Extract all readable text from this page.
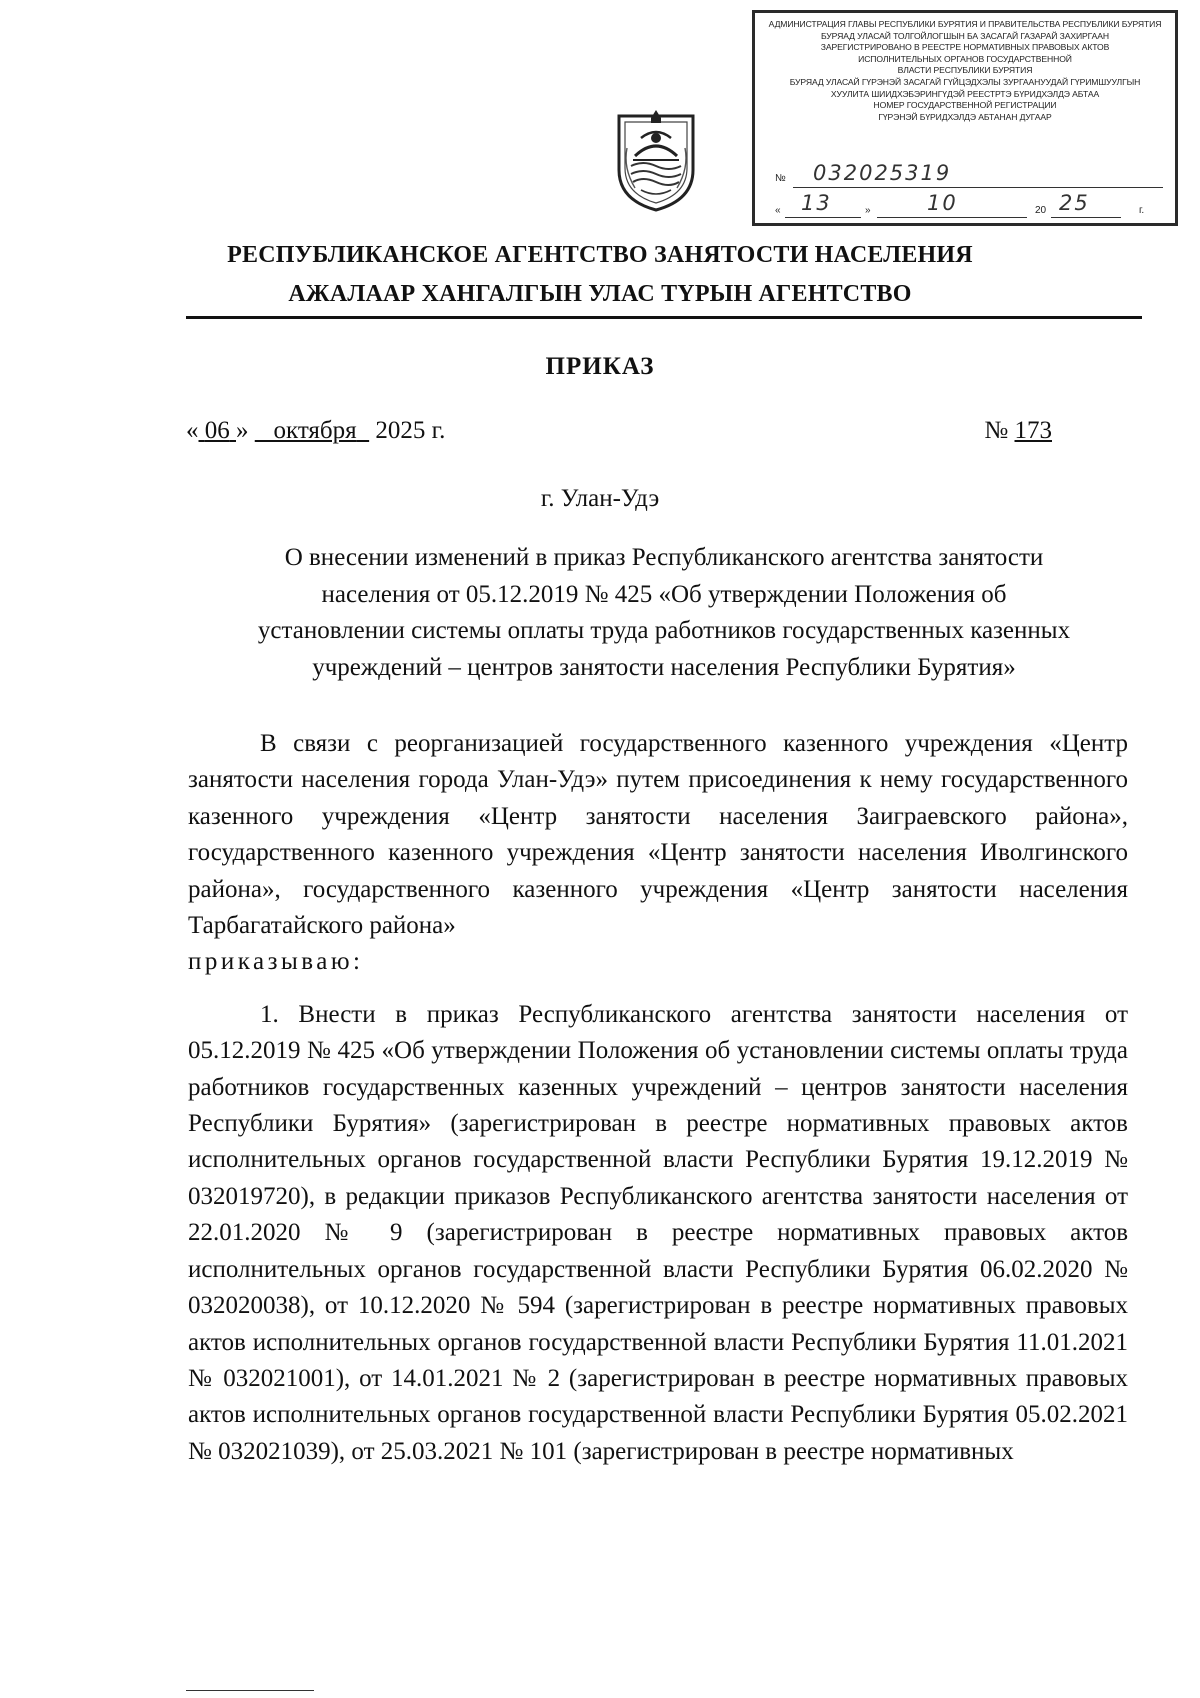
АДМИНИСТРАЦИЯ ГЛАВЫ РЕСПУБЛИКИ БУРЯТИЯ И ПРАВИТЕЛЬСТВА РЕСПУБЛИКИ БУРЯТИЯ
БУРЯАД УЛАСАЙ ТОЛГОЙЛОГШЫН БА ЗАСАГАЙ ГАЗАРАЙ ЗАХИРГААН
ЗАРЕГИСТРИРОВАНО В РЕЕСТРЕ НОРМАТИВНЫХ ПРАВОВЫХ АКТОВ
ИСПОЛНИТЕЛЬНЫХ ОРГАНОВ ГОСУДАРСТВЕННОЙ
ВЛАСТИ РЕСПУБЛИКИ БУРЯТИЯ
БУРЯАД УЛАСАЙ ГҮРЭНЭЙ ЗАСАГАЙ ГҮЙЦЭДХЭЛЫ ЗУРГААНУУДАЙ ГҮРИМШУУЛГЫН
ХУУЛИТА ШИИДХЭБЭРИНГҮДЭЙ РЕЕСТРТЭ БҮРИДХЭЛДЭ АБТАА
НОМЕР ГОСУДАРСТВЕННОЙ РЕГИСТРАЦИИ
ГҮРЭНЭЙ БҮРИДХЭЛДЭ АБТАНАН ДУГААР
№ 032025319
« 13	»	10	20 25	г.
РЕСПУБЛИКАНСКОЕ АГЕНТСТВО ЗАНЯТОСТИ НАСЕЛЕНИЯ
АЖАЛААР ХАНГАЛГЫН УЛАС ТҮРЫН АГЕНТСТВО
ПРИКАЗ
« 06 » октября 2025 г.	№ 173
г. Улан-Удэ
О внесении изменений в приказ Республиканского агентства занятости
населения от 05.12.2019 № 425 «Об утверждении Положения об
установлении системы оплаты труда работников государственных казенных
учреждений – центров занятости населения Республики Бурятия»

В связи с реорганизацией государственного казенного учреждения «Центр занятости населения города Улан-Удэ» путем присоединения к нему государственного казенного учреждения «Центр занятости населения Заиграевского района», государственного казенного учреждения «Центр занятости населения Иволгинского района», государственного казенного учреждения «Центр занятости населения Тарбагатайского района»
приказываю:

1. Внести в приказ Республиканского агентства занятости населения от 05.12.2019 № 425 «Об утверждении Положения об установлении системы оплаты труда работников государственных казенных учреждений – центров занятости населения Республики Бурятия» (зарегистрирован в реестре нормативных правовых актов исполнительных органов государственной власти Республики Бурятия 19.12.2019 № 032019720), в редакции приказов Республиканского агентства занятости населения от 22.01.2020 № 9 (зарегистрирован в реестре нормативных правовых актов исполнительных органов государственной власти Республики Бурятия 06.02.2020 № 032020038), от 10.12.2020 № 594 (зарегистрирован в реестре нормативных правовых актов исполнительных органов государственной власти Республики Бурятия 11.01.2021 № 032021001), от 14.01.2021 № 2 (зарегистрирован в реестре нормативных правовых актов исполнительных органов государственной власти Республики Бурятия 05.02.2021 № 032021039), от 25.03.2021 № 101 (зарегистрирован в реестре нормативных
